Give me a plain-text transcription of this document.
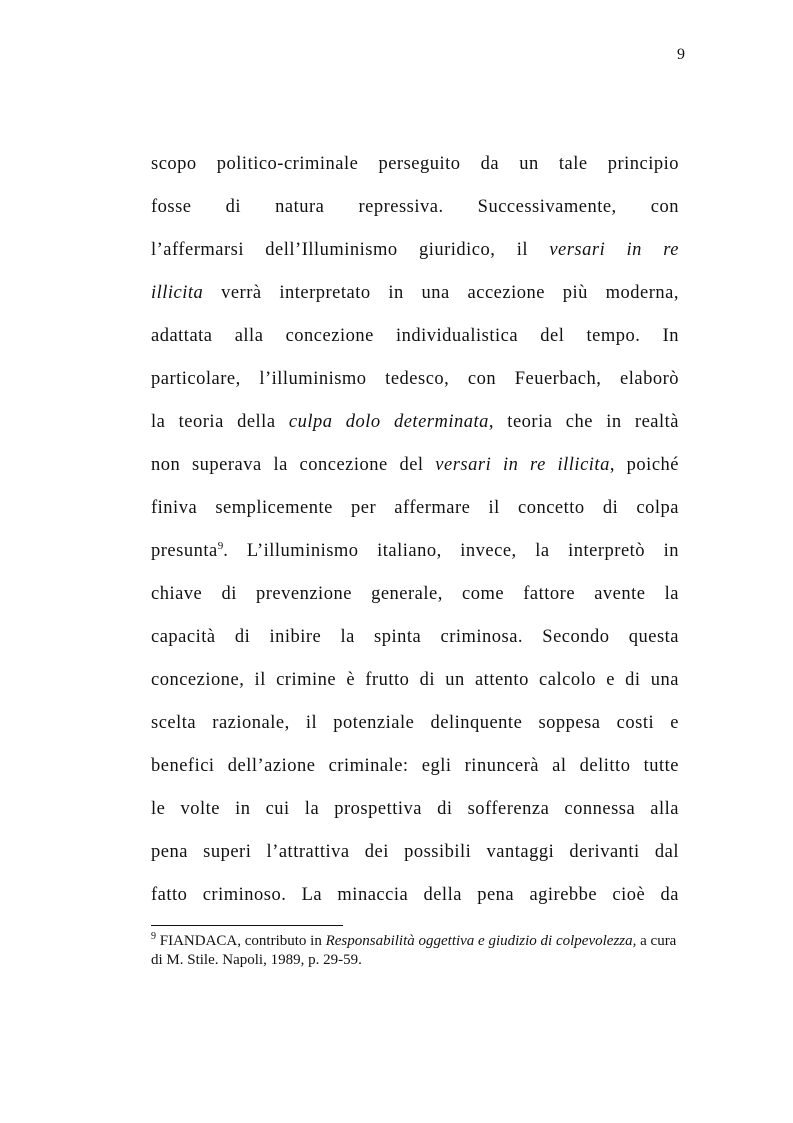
9
scopo politico-criminale perseguito da un tale principio
fosse di natura repressiva. Successivamente, con
l’affermarsi dell’Illuminismo giuridico, il versari in re
illicita verrà interpretato in una accezione più moderna,
adattata alla concezione individualistica del tempo. In
particolare, l’illuminismo tedesco, con Feuerbach, elaborò
la teoria della culpa dolo determinata, teoria che in realtà
non superava la concezione del versari in re illicita, poiché
finiva semplicemente per affermare il concetto di colpa
presunta$^9$. L’illuminismo italiano, invece, la interpretò in
chiave di prevenzione generale, come fattore avente la
capacità di inibire la spinta criminosa. Secondo questa
concezione, il crimine è frutto di un attento calcolo e di una
scelta razionale, il potenziale delinquente soppesa costi e
benefici dell’azione criminale: egli rinuncerà al delitto tutte
le volte in cui la prospettiva di sofferenza connessa alla
pena superi l’attrattiva dei possibili vantaggi derivanti dal
fatto criminoso. La minaccia della pena agirebbe cioè da
$^9$ FIANDACA, contributo in Responsabilità oggettiva e giudizio di colpevolezza, a cura di M. Stile. Napoli, 1989, p. 29-59.
